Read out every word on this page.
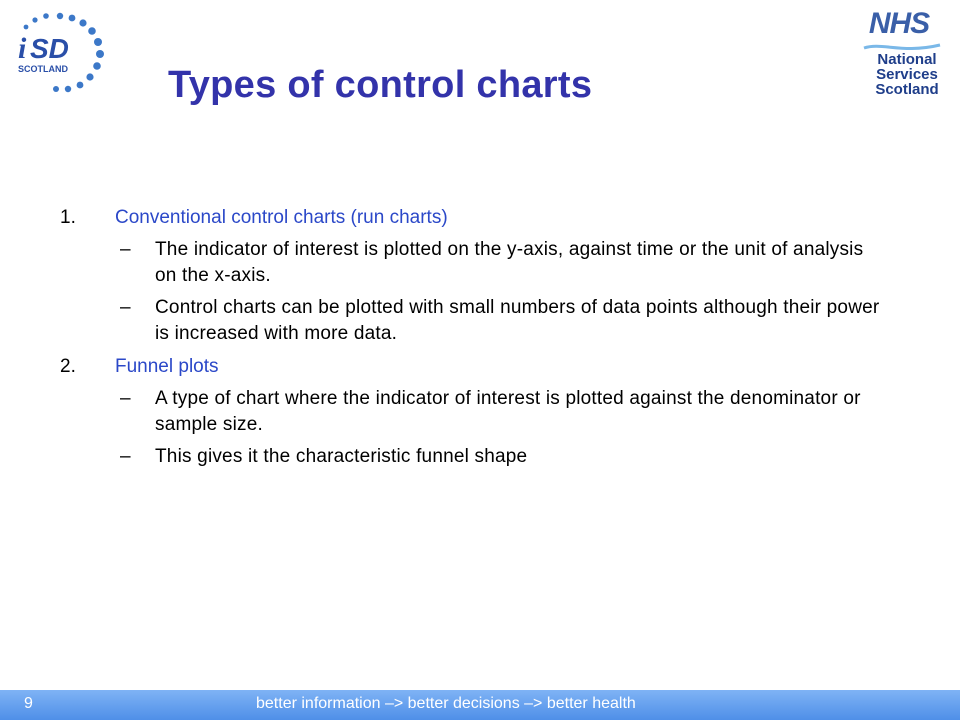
i SD
SCOTLAND
NHS
National
Services
Scotland
Types of control charts
1.	Conventional control charts (run charts)
– The indicator of interest is plotted on the y-axis, against time or the unit of analysis on the x-axis.
– Control charts can be plotted with small numbers of data points although their power is increased with more data.
2.	Funnel plots
– A type of chart where the indicator of interest is plotted against the denominator or sample size.
– This gives it the characteristic funnel shape
9	better information –> better decisions –> better health
